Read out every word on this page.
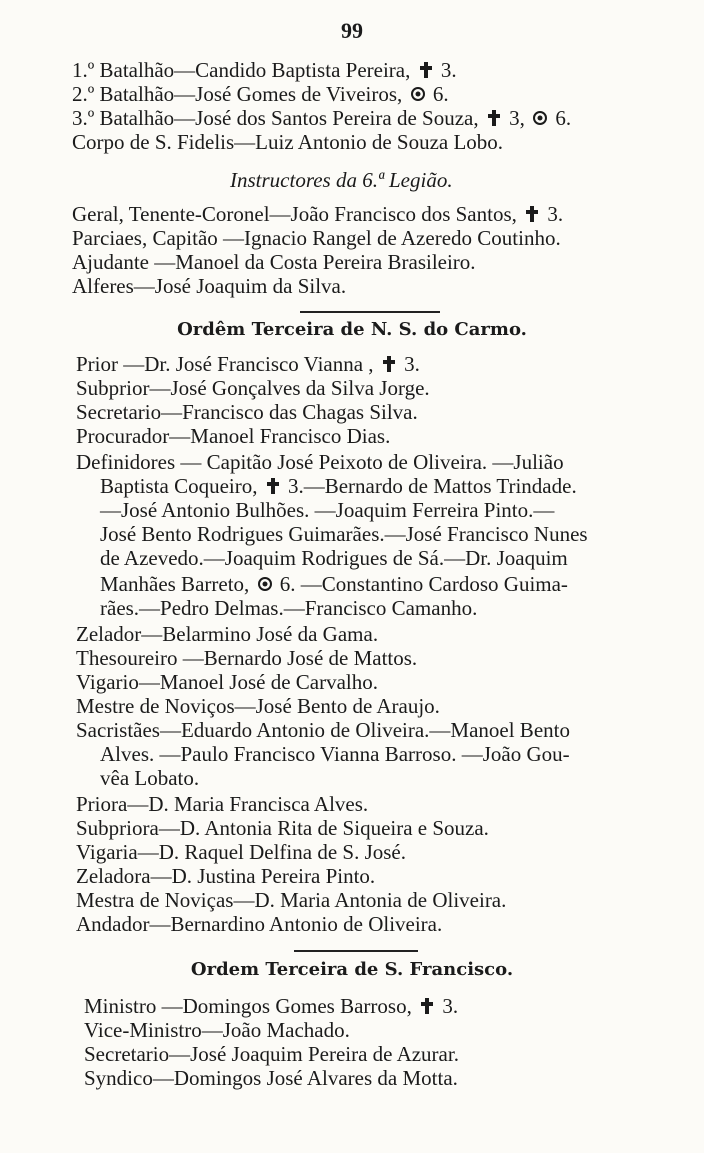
99
1.º Batalhão—Candido Baptista Pereira, 3.
2.º Batalhão—José Gomes de Viveiros, 6.
3.º Batalhão—José dos Santos Pereira de Souza, 3, 6.
Corpo de S. Fidelis—Luiz Antonio de Souza Lobo.
Instructores da 6.ª Legião.
Geral, Tenente-Coronel—João Francisco dos Santos, 3.
Parciaes, Capitão —Ignacio Rangel de Azeredo Coutinho.
Ajudante —Manoel da Costa Pereira Brasileiro.
Alferes—José Joaquim da Silva.
Ordêm Terceira de N. S. do Carmo.
Prior —Dr. José Francisco Vianna , 3.
Subprior—José Gonçalves da Silva Jorge.
Secretario—Francisco das Chagas Silva.
Procurador—Manoel Francisco Dias.
Definidores — Capitão José Peixoto de Oliveira. —Julião
Baptista Coqueiro, 3.—Bernardo de Mattos Trindade.
—José Antonio Bulhões. —Joaquim Ferreira Pinto.—
José Bento Rodrigues Guimarães.—José Francisco Nunes
de Azevedo.—Joaquim Rodrigues de Sá.—Dr. Joaquim
Manhães Barreto, 6. —Constantino Cardoso Guima-
rães.—Pedro Delmas.—Francisco Camanho.
Zelador—Belarmino José da Gama.
Thesoureiro —Bernardo José de Mattos.
Vigario—Manoel José de Carvalho.
Mestre de Noviços—José Bento de Araujo.
Sacristães—Eduardo Antonio de Oliveira.—Manoel Bento
Alves. —Paulo Francisco Vianna Barroso. —João Gou-
vêa Lobato.
Priora—D. Maria Francisca Alves.
Subpriora—D. Antonia Rita de Siqueira e Souza.
Vigaria—D. Raquel Delfina de S. José.
Zeladora—D. Justina Pereira Pinto.
Mestra de Noviças—D. Maria Antonia de Oliveira.
Andador—Bernardino Antonio de Oliveira.
Ordem Terceira de S. Francisco.
Ministro —Domingos Gomes Barroso, 3.
Vice-Ministro—João Machado.
Secretario—José Joaquim Pereira de Azurar.
Syndico—Domingos José Alvares da Motta.
